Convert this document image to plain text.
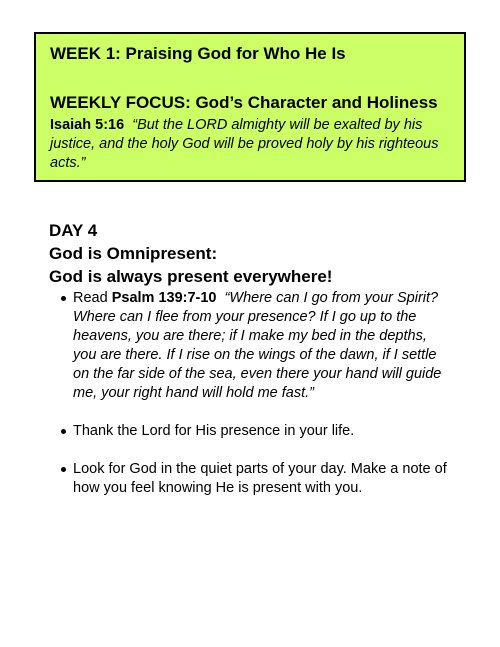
WEEK 1: Praising God for Who He Is
WEEKLY FOCUS: God’s Character and Holiness
Isaiah 5:16 “But the LORD almighty will be exalted by his justice, and the holy God will be proved holy by his righteous acts.”
DAY 4
God is Omnipresent:
God is always present everywhere!
Read Psalm 139:7-10 “Where can I go from your Spirit? Where can I flee from your presence? If I go up to the heavens, you are there; if I make my bed in the depths, you are there. If I rise on the wings of the dawn, if I settle on the far side of the sea, even there your hand will guide me, your right hand will hold me fast.”
Thank the Lord for His presence in your life.
Look for God in the quiet parts of your day. Make a note of how you feel knowing He is present with you.
